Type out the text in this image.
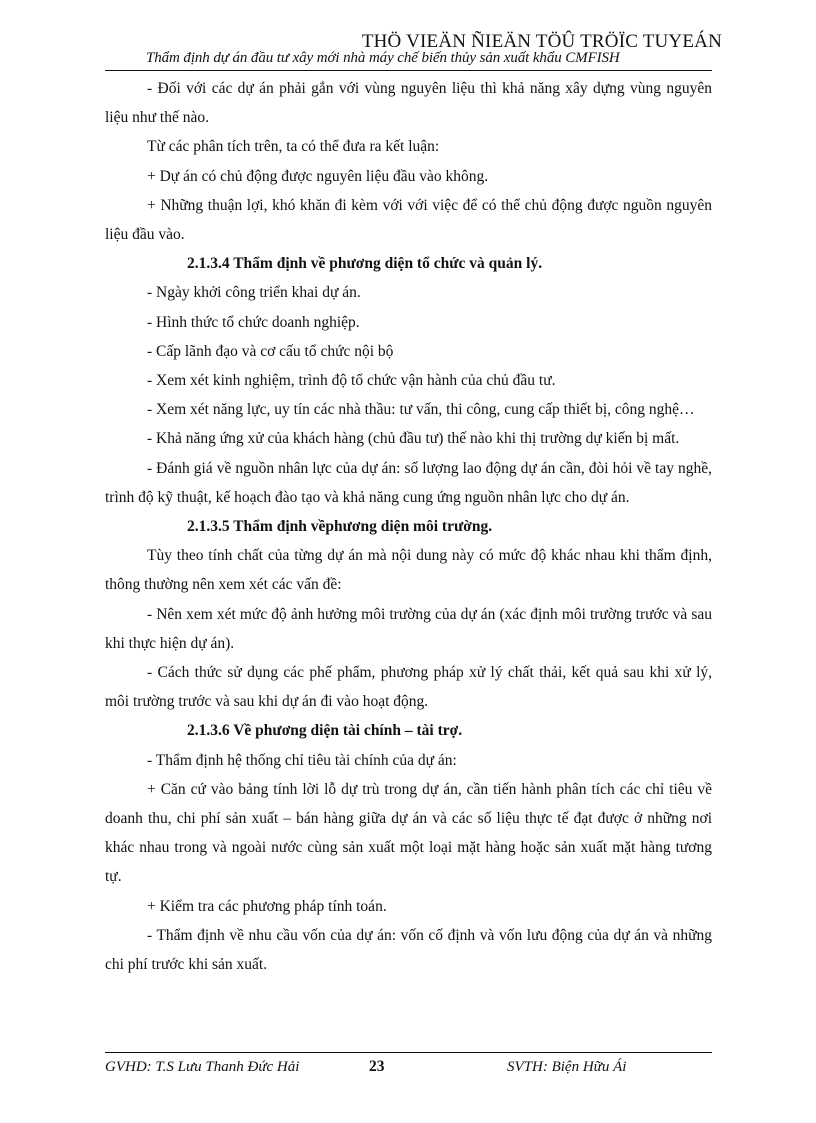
Thẩm định dự án đầu tư xây mới nhà máy chế biến thủy sản xuất khẩu CMFISH
THÖ VIEÄN ÑIEÄN TÖÛ TRÖÏC TUYEÁN

- Đối với các dự án phải gắn với vùng nguyên liệu thì khả năng xây dựng vùng nguyên liệu như thế nào.

Từ các phân tích trên, ta có thể đưa ra kết luận:

+ Dự án có chủ động được nguyên liệu đầu vào không.

+ Những thuận lợi, khó khăn đi kèm với với việc để có thể chủ động được nguồn nguyên liệu đầu vào.

2.1.3.4 Thẩm định về phương diện tổ chức và quản lý.

- Ngày khởi công triển khai dự án.

- Hình thức tổ chức doanh nghiệp.

- Cấp lãnh đạo và cơ cấu tổ chức nội bộ

- Xem xét kinh nghiệm, trình độ tổ chức vận hành của chủ đầu tư.

- Xem xét năng lực, uy tín các nhà thầu: tư vấn, thi công, cung cấp thiết bị, công nghệ…

- Khả năng ứng xử của khách hàng (chủ đầu tư) thế nào khi thị trường dự kiến bị mất.

- Đánh giá về nguồn nhân lực của dự án: số lượng lao động dự án cần, đòi hỏi về tay nghề, trình độ kỹ thuật, kế hoạch đào tạo và khả năng cung ứng nguồn nhân lực cho dự án.

2.1.3.5 Thẩm định vềphương diện môi trường.

Tùy theo tính chất của từng dự án mà nội dung này có mức độ khác nhau khi thẩm định, thông thường nên xem xét các vấn đề:

- Nên xem xét mức độ ảnh hưởng môi trường của dự án (xác định môi trường trước và sau khi thực hiện dự án).

- Cách thức sử dụng các phế phẩm, phương pháp xử lý chất thải, kết quả sau khi xử lý, môi trường trước và sau khi dự án đi vào hoạt động.

2.1.3.6 Về phương diện tài chính – tài trợ.

- Thẩm định hệ thống chỉ tiêu tài chính của dự án:

+ Căn cứ vào bảng tính lời lỗ dự trù trong dự án, cần tiến hành phân tích các chỉ tiêu về doanh thu, chi phí sản xuất – bán hàng giữa dự án và các số liệu thực tế đạt được ở những nơi khác nhau trong và ngoài nước cùng sản xuất một loại mặt hàng hoặc sản xuất mặt hàng tương tự.

+ Kiểm tra các phương pháp tính toán.

- Thẩm định về nhu cầu vốn của dự án: vốn cố định và vốn lưu động của dự án và những chi phí trước khi sản xuất.

GVHD: T.S Lưu Thanh Đức Hải	23	SVTH: Biện Hữu Ái
